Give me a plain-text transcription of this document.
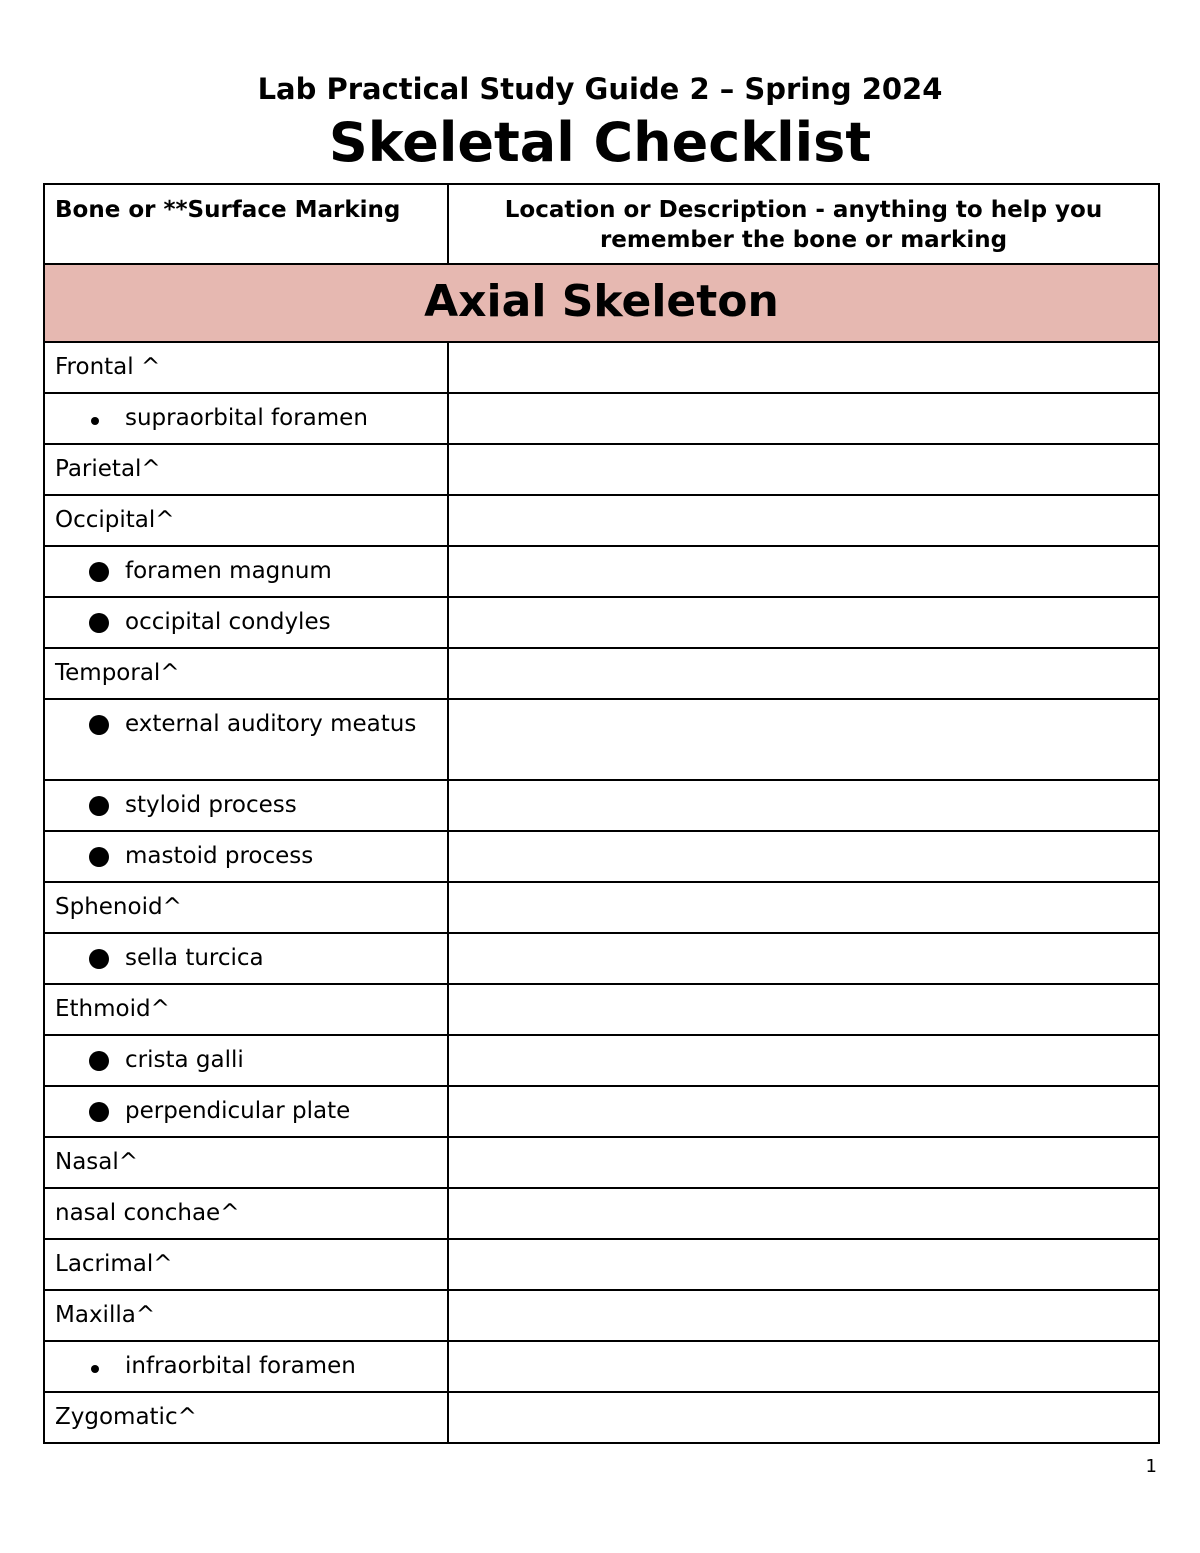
Lab Practical Study Guide 2 – Spring 2024
Skeletal Checklist
Bone or **Surface Marking	Location or Description - anything to help you
remember the bone or marking
Axial Skeleton	
Frontal ^	
supraorbital foramen	
Parietal^	
Occipital^	
foramen magnum	
occipital condyles	
Temporal^	
external auditory meatus	
styloid process	
mastoid process	
Sphenoid^	
sella turcica	
Ethmoid^	
crista galli	
perpendicular plate	
Nasal^	
nasal conchae^	
Lacrimal^	
Maxilla^	
infraorbital foramen	
Zygomatic^	
1
